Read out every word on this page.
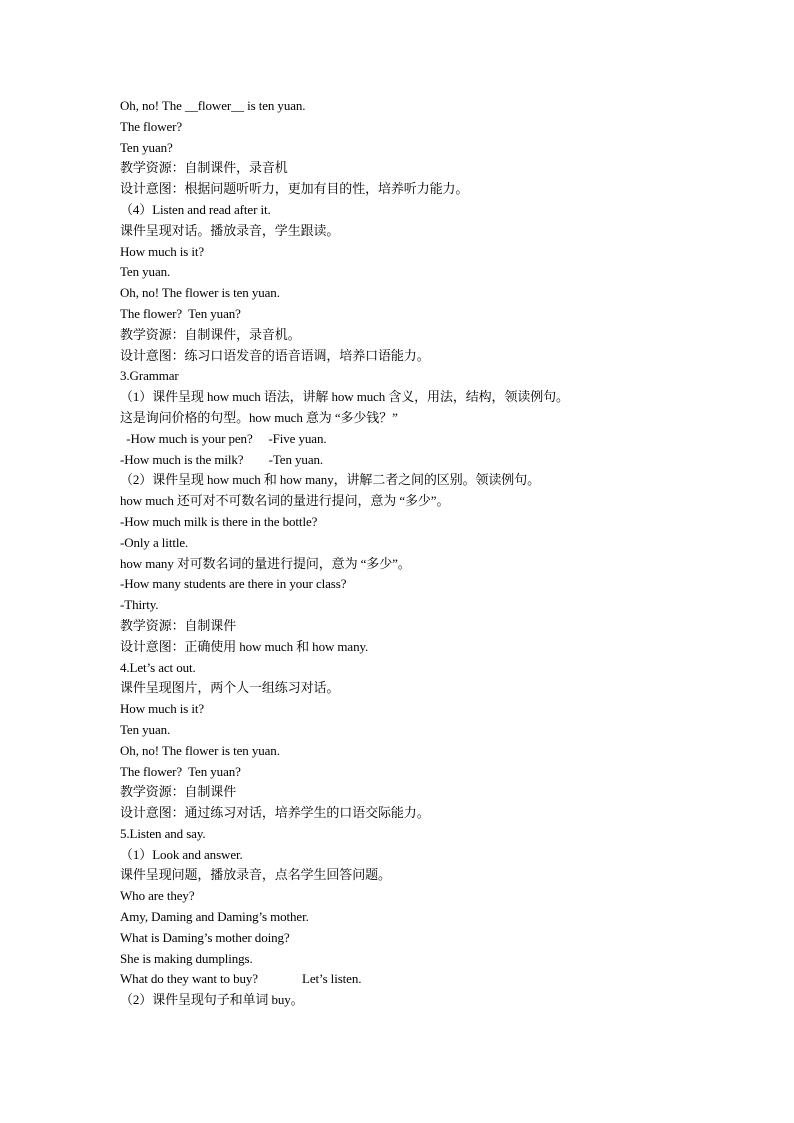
Oh, no! The __flower__ is ten yuan.
The flower?
Ten yuan?
教学资源：自制课件，录音机
设计意图：根据问题听听力，更加有目的性，培养听力能力。
（4）Listen and read after it.
课件呈现对话。播放录音，学生跟读。
How much is it?
Ten yuan.
Oh, no! The flower is ten yuan.
The flower?  Ten yuan?
教学资源：自制课件，录音机。
设计意图：练习口语发音的语音语调，培养口语能力。
3.Grammar
（1）课件呈现 how much 语法，讲解 how much 含义，用法，结构，领读例句。
这是询问价格的句型。how much 意为 “多少钱？”
-How much is your pen?     -Five yuan.
-How much is the milk?        -Ten yuan.
（2）课件呈现 how much 和 how many，讲解二者之间的区别。领读例句。
how much 还可对不可数名词的量进行提问，意为 “多少”。
-How much milk is there in the bottle?
-Only a little.
how many 对可数名词的量进行提问，意为 “多少”。
-How many students are there in your class?
-Thirty.
教学资源：自制课件
设计意图：正确使用 how much 和 how many.
4.Let’s act out.
课件呈现图片，两个人一组练习对话。
How much is it?
Ten yuan.
Oh, no! The flower is ten yuan.
The flower?  Ten yuan?
教学资源：自制课件
设计意图：通过练习对话，培养学生的口语交际能力。
5.Listen and say.
（1）Look and answer.
课件呈现问题，播放录音，点名学生回答问题。
Who are they?
Amy, Daming and Daming’s mother.
What is Daming’s mother doing?
She is making dumplings.
What do they want to buy?              Let’s listen.
（2）课件呈现句子和单词 buy。
